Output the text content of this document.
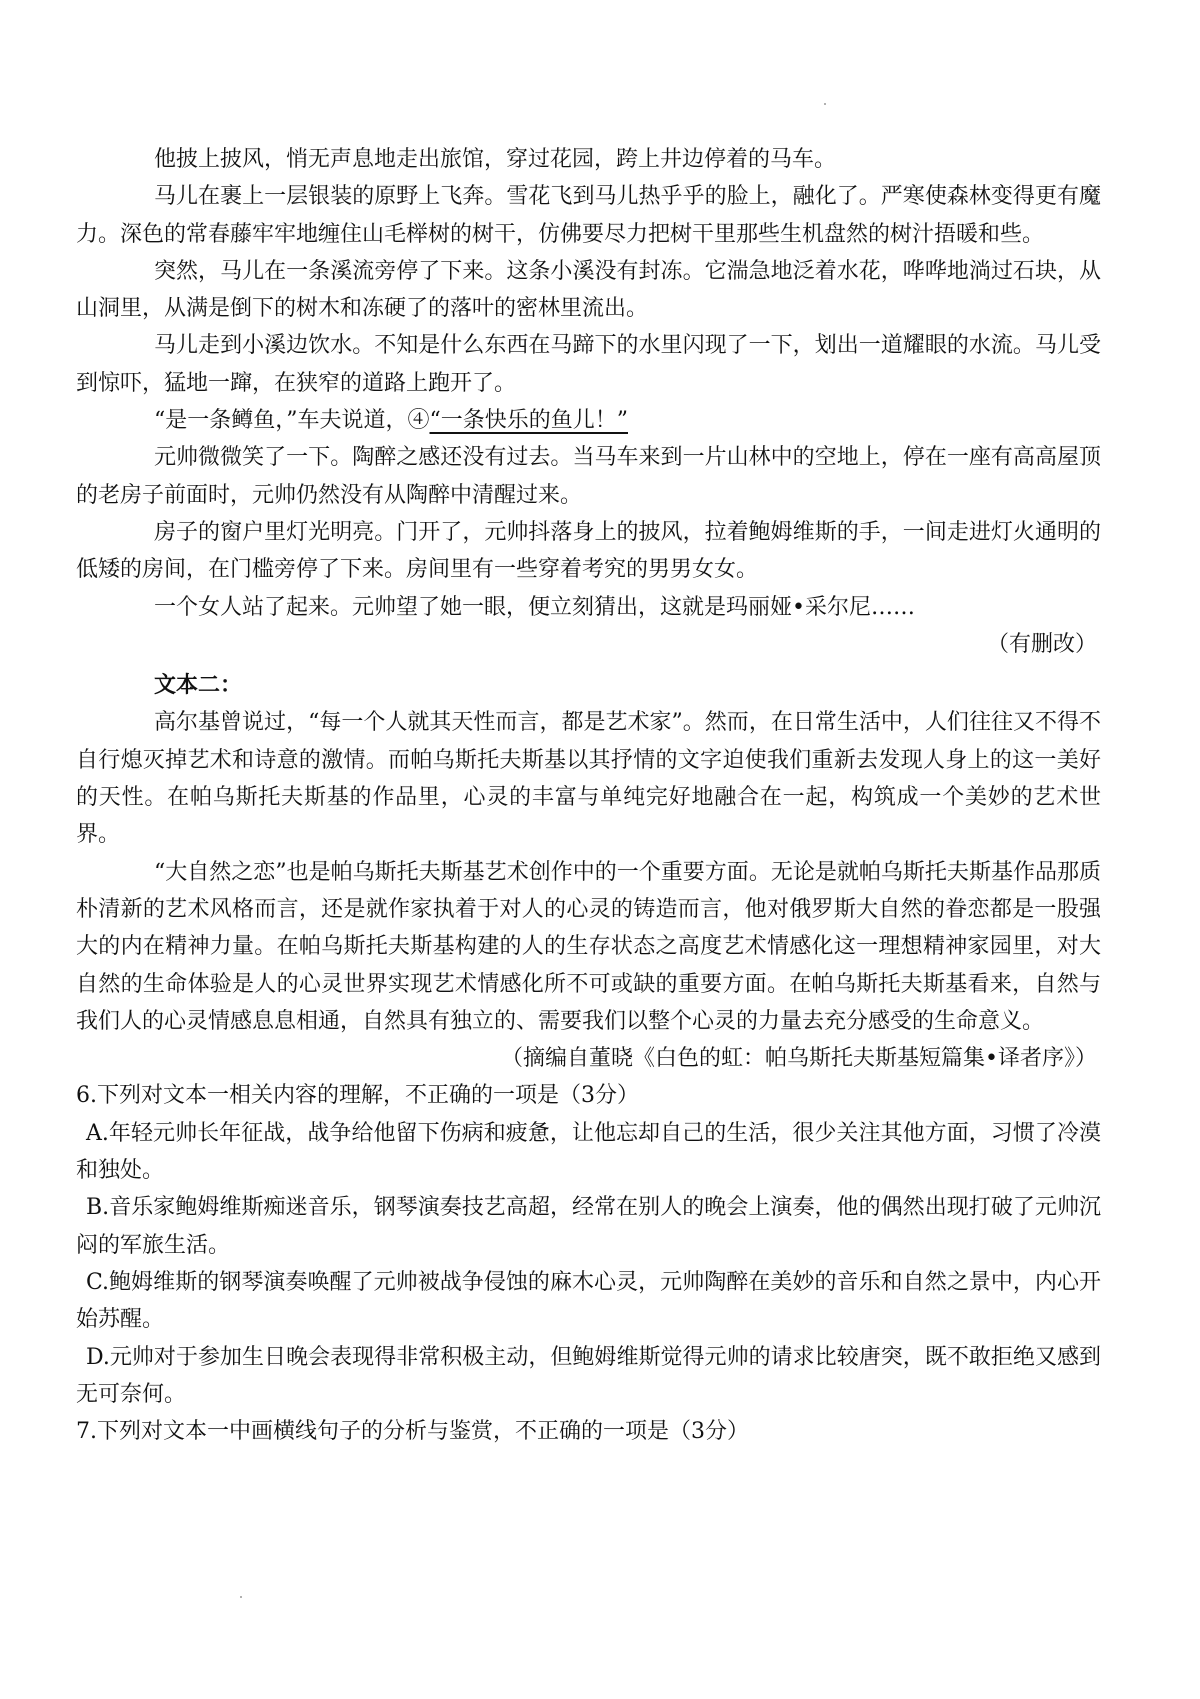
他披上披风，悄无声息地走出旅馆，穿过花园，跨上井边停着的马车。

马儿在裹上一层银装的原野上飞奔。雪花飞到马儿热乎乎的脸上，融化了。严寒使森林变得更有魔力。深色的常春藤牢牢地缠住山毛榉树的树干，仿佛要尽力把树干里那些生机盘然的树汁捂暖和些。

突然，马儿在一条溪流旁停了下来。这条小溪没有封冻。它湍急地泛着水花，哗哗地淌过石块，从山洞里，从满是倒下的树木和冻硬了的落叶的密林里流出。

马儿走到小溪边饮水。不知是什么东西在马蹄下的水里闪现了一下，划出一道耀眼的水流。马儿受到惊吓，猛地一蹿，在狭窄的道路上跑开了。

“是一条鳟鱼，”车夫说道，④“一条快乐的鱼儿！”

元帅微微笑了一下。陶醉之感还没有过去。当马车来到一片山林中的空地上，停在一座有高高屋顶的老房子前面时，元帅仍然没有从陶醉中清醒过来。

房子的窗户里灯光明亮。门开了，元帅抖落身上的披风，拉着鲍姆维斯的手，一间走进灯火通明的低矮的房间，在门槛旁停了下来。房间里有一些穿着考究的男男女女。

一个女人站了起来。元帅望了她一眼，便立刻猜出，这就是玛丽娅•采尔尼……

（有删改）

文本二：

高尔基曾说过，“每一个人就其天性而言，都是艺术家”。然而，在日常生活中，人们往往又不得不自行熄灭掉艺术和诗意的激情。而帕乌斯托夫斯基以其抒情的文字迫使我们重新去发现人身上的这一美好的天性。在帕乌斯托夫斯基的作品里，心灵的丰富与单纯完好地融合在一起，构筑成一个美妙的艺术世界。

“大自然之恋”也是帕乌斯托夫斯基艺术创作中的一个重要方面。无论是就帕乌斯托夫斯基作品那质朴清新的艺术风格而言，还是就作家执着于对人的心灵的铸造而言，他对俄罗斯大自然的眷恋都是一股强大的内在精神力量。在帕乌斯托夫斯基构建的人的生存状态之高度艺术情感化这一理想精神家园里，对大自然的生命体验是人的心灵世界实现艺术情感化所不可或缺的重要方面。在帕乌斯托夫斯基看来，自然与我们人的心灵情感息息相通，自然具有独立的、需要我们以整个心灵的力量去充分感受的生命意义。

（摘编自董晓《白色的虹：帕乌斯托夫斯基短篇集•译者序》）

6.下列对文本一相关内容的理解，不正确的一项是（3分）

A.年轻元帅长年征战，战争给他留下伤病和疲惫，让他忘却自己的生活，很少关注其他方面，习惯了冷漠和独处。

B.音乐家鲍姆维斯痴迷音乐，钢琴演奏技艺高超，经常在别人的晚会上演奏，他的偶然出现打破了元帅沉闷的军旅生活。

C.鲍姆维斯的钢琴演奏唤醒了元帅被战争侵蚀的麻木心灵，元帅陶醉在美妙的音乐和自然之景中，内心开始苏醒。

D.元帅对于参加生日晚会表现得非常积极主动，但鲍姆维斯觉得元帅的请求比较唐突，既不敢拒绝又感到无可奈何。

7.下列对文本一中画横线句子的分析与鉴赏，不正确的一项是（3分）
